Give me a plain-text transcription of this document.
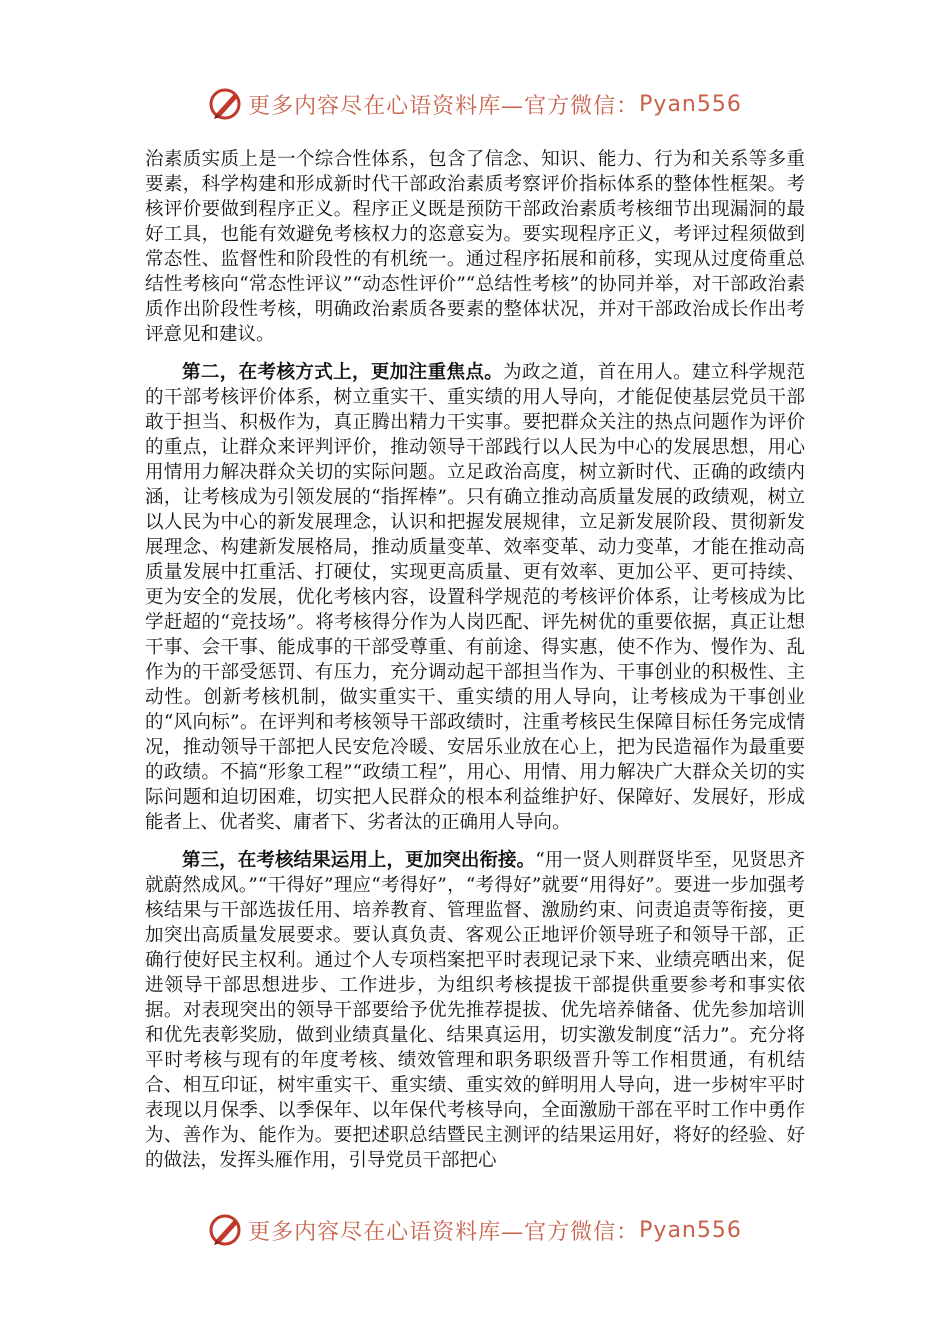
更多内容尽在心语资料库— 官方微信： Pyan556

治素质实质上是一个综合性体系，包含了信念、知识、能力、行为和关系等多重要素，科学构建和形成新时代干部政治素质考察评价指标体系的整体性框架。考核评价要做到程序正义。程序正义既是预防干部政治素质考核细节出现漏洞的最好工具，也能有效避免考核权力的恣意妄为。要实现程序正义，考评过程须做到常态性、监督性和阶段性的有机统一。通过程序拓展和前移，实现从过度倚重总结性考核向“常态性评议”“动态性评价”“总结性考核”的协同并举，对干部政治素质作出阶段性考核，明确政治素质各要素的整体状况，并对干部政治成长作出考评意见和建议。

第二，在考核方式上，更加注重焦点。为政之道，首在用人。建立科学规范的干部考核评价体系，树立重实干、重实绩的用人导向，才能促使基层党员干部敢于担当、积极作为，真正腾出精力干实事。要把群众关注的热点问题作为评价的重点，让群众来评判评价，推动领导干部践行以人民为中心的发展思想，用心用情用力解决群众关切的实际问题。立足政治高度，树立新时代、正确的政绩内涵，让考核成为引领发展的“指挥棒”。只有确立推动高质量发展的政绩观，树立以人民为中心的新发展理念，认识和把握发展规律，立足新发展阶段、贯彻新发展理念、构建新发展格局，推动质量变革、效率变革、动力变革，才能在推动高质量发展中扛重活、打硬仗，实现更高质量、更有效率、更加公平、更可持续、更为安全的发展，优化考核内容，设置科学规范的考核评价体系，让考核成为比学赶超的“竞技场”。将考核得分作为人岗匹配、评先树优的重要依据，真正让想干事、会干事、能成事的干部受尊重、有前途、得实惠，使不作为、慢作为、乱作为的干部受惩罚、有压力，充分调动起干部担当作为、干事创业的积极性、主动性。创新考核机制，做实重实干、重实绩的用人导向，让考核成为干事创业的“风向标”。在评判和考核领导干部政绩时，注重考核民生保障目标任务完成情况，推动领导干部把人民安危冷暖、安居乐业放在心上，把为民造福作为最重要的政绩。不搞“形象工程”“政绩工程”，用心、用情、用力解决广大群众关切的实际问题和迫切困难，切实把人民群众的根本利益维护好、保障好、发展好，形成能者上、优者奖、庸者下、劣者汰的正确用人导向。

第三，在考核结果运用上，更加突出衔接。“用一贤人则群贤毕至，见贤思齐就蔚然成风。”“干得好”理应“考得好”，“考得好”就要“用得好”。要进一步加强考核结果与干部选拔任用、培养教育、管理监督、激励约束、问责追责等衔接，更加突出高质量发展要求。要认真负责、客观公正地评价领导班子和领导干部，正确行使好民主权利。通过个人专项档案把平时表现记录下来、业绩亮晒出来，促进领导干部思想进步、工作进步，为组织考核提拔干部提供重要参考和事实依据。对表现突出的领导干部要给予优先推荐提拔、优先培养储备、优先参加培训和优先表彰奖励，做到业绩真量化、结果真运用，切实激发制度“活力”。充分将平时考核与现有的年度考核、绩效管理和职务职级晋升等工作相贯通，有机结合、相互印证，树牢重实干、重实绩、重实效的鲜明用人导向，进一步树牢平时表现以月保季、以季保年、以年保代考核导向，全面激励干部在平时工作中勇作为、善作为、能作为。要把述职总结暨民主测评的结果运用好，将好的经验、好的做法，发挥头雁作用，引导党员干部把心

更多内容尽在心语资料库— 官方微信： Pyan556
